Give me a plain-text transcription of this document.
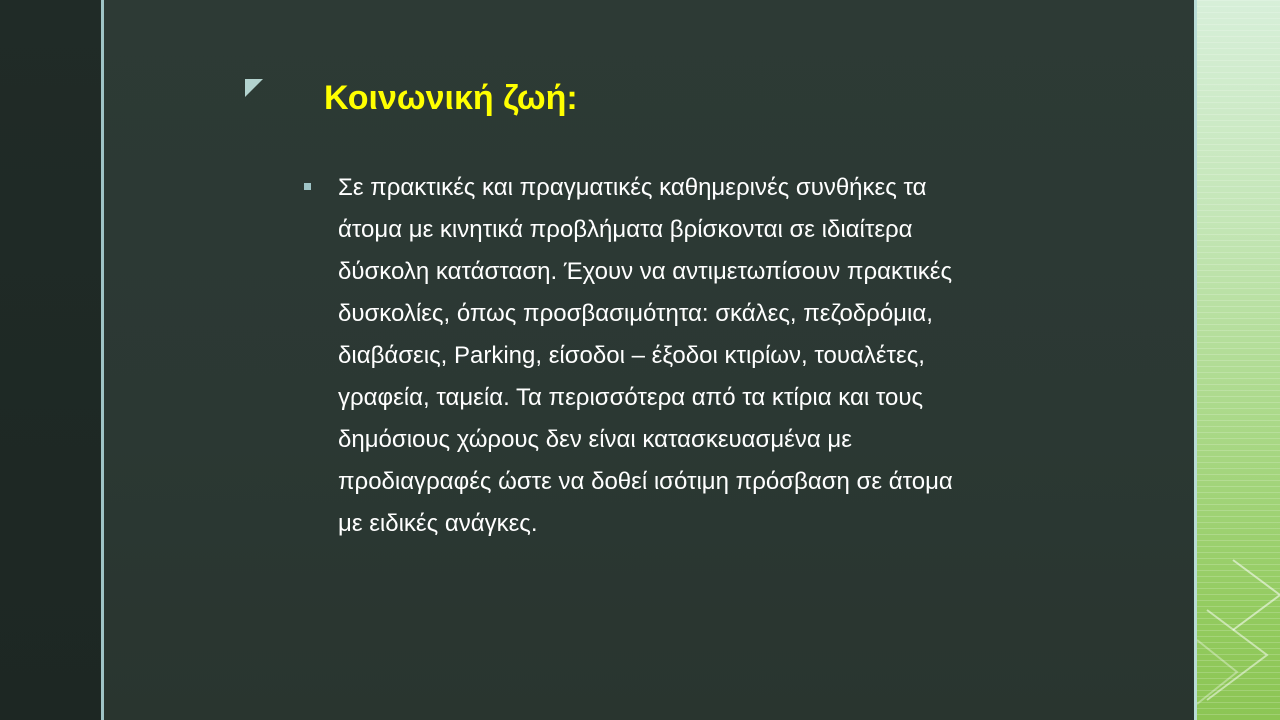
Κοινωνική ζωή:
Σε πρακτικές και πραγματικές καθημερινές συνθήκες τα
άτομα με κινητικά προβλήματα βρίσκονται σε ιδιαίτερα
δύσκολη κατάσταση. Έχουν να αντιμετωπίσουν πρακτικές
δυσκολίες, όπως προσβασιμότητα: σκάλες, πεζοδρόμια,
διαβάσεις, Parking, είσοδοι – έξοδοι κτιρίων, τουαλέτες,
γραφεία, ταμεία. Τα περισσότερα από τα κτίρια και τους
δημόσιους χώρους δεν είναι κατασκευασμένα με
προδιαγραφές ώστε να δοθεί ισότιμη πρόσβαση σε άτομα
με ειδικές ανάγκες.
